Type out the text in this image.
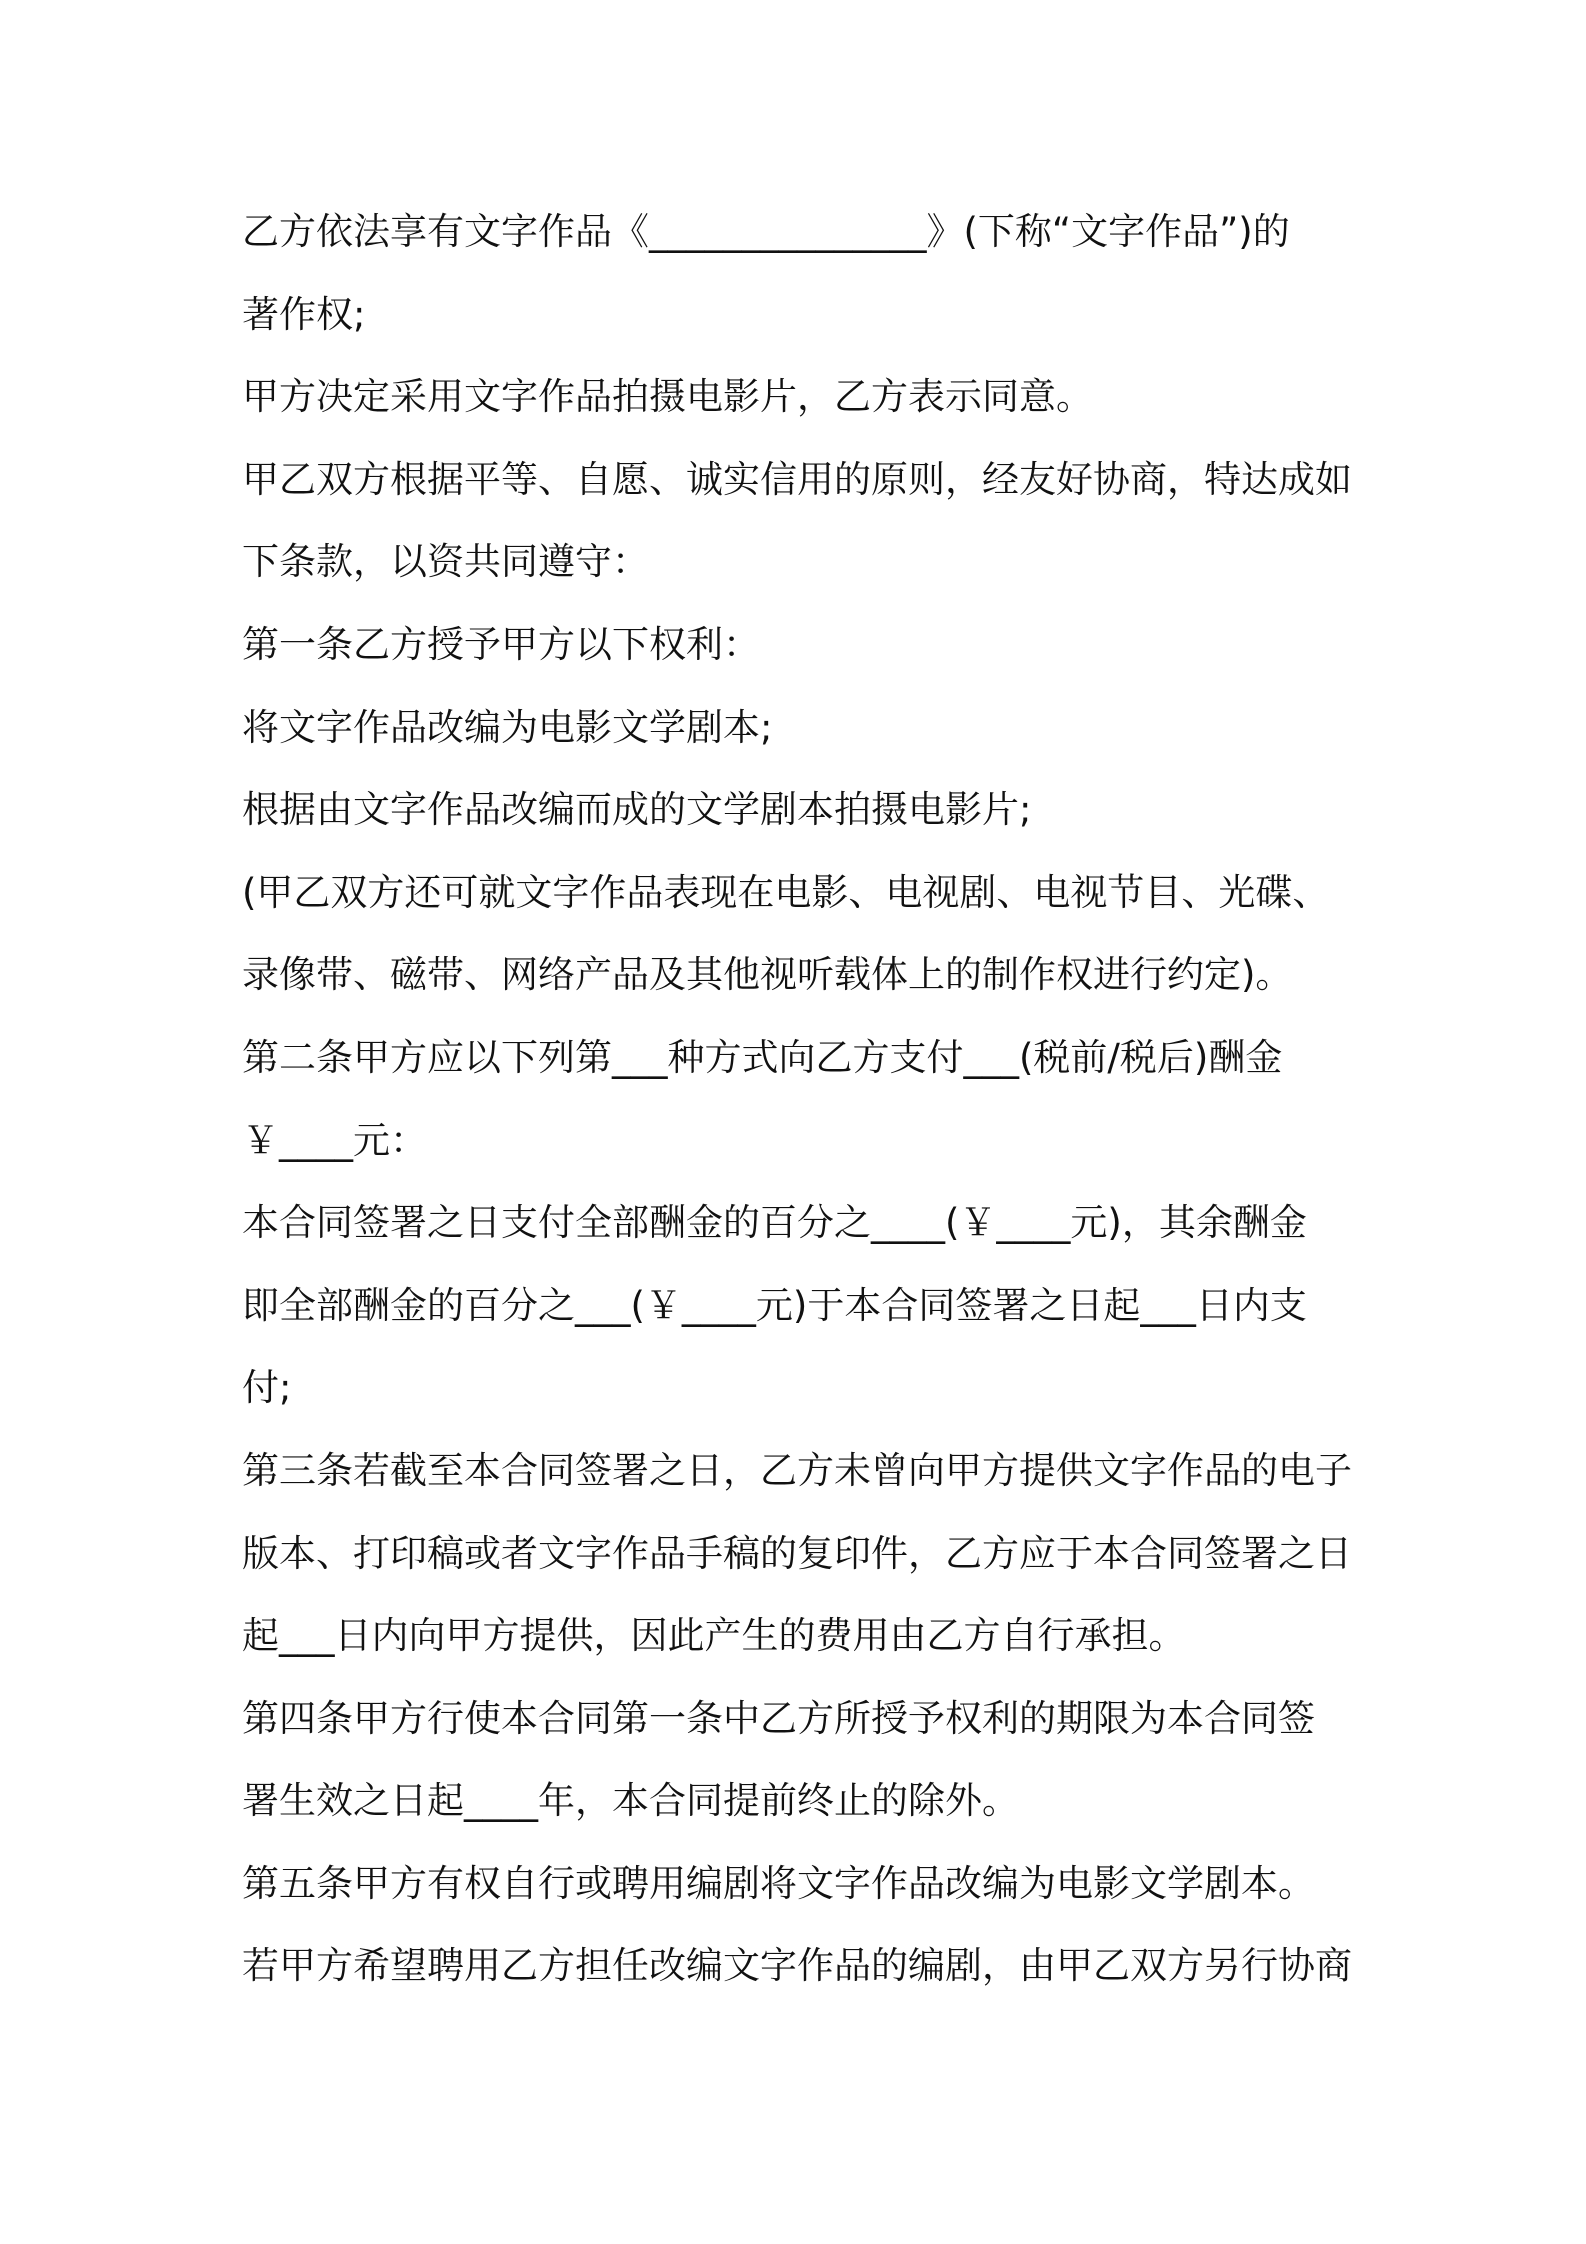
乙方依法享有文字作品《_______________》(下称“文字作品”)的
著作权;
甲方决定采用文字作品拍摄电影片，乙方表示同意。
甲乙双方根据平等、自愿、诚实信用的原则，经友好协商，特达成如
下条款，以资共同遵守：
第一条乙方授予甲方以下权利：
将文字作品改编为电影文学剧本;
根据由文字作品改编而成的文学剧本拍摄电影片;
(甲乙双方还可就文字作品表现在电影、电视剧、电视节目、光碟、
录像带、磁带、网络产品及其他视听载体上的制作权进行约定)。
第二条甲方应以下列第___种方式向乙方支付___(税前/税后)酬金
￥____元：
本合同签署之日支付全部酬金的百分之____(￥____元)，其余酬金
即全部酬金的百分之___(￥____元)于本合同签署之日起___日内支
付;
第三条若截至本合同签署之日，乙方未曾向甲方提供文字作品的电子
版本、打印稿或者文字作品手稿的复印件，乙方应于本合同签署之日
起___日内向甲方提供，因此产生的费用由乙方自行承担。
第四条甲方行使本合同第一条中乙方所授予权利的期限为本合同签
署生效之日起____年，本合同提前终止的除外。
第五条甲方有权自行或聘用编剧将文字作品改编为电影文学剧本。
若甲方希望聘用乙方担任改编文字作品的编剧，由甲乙双方另行协商
